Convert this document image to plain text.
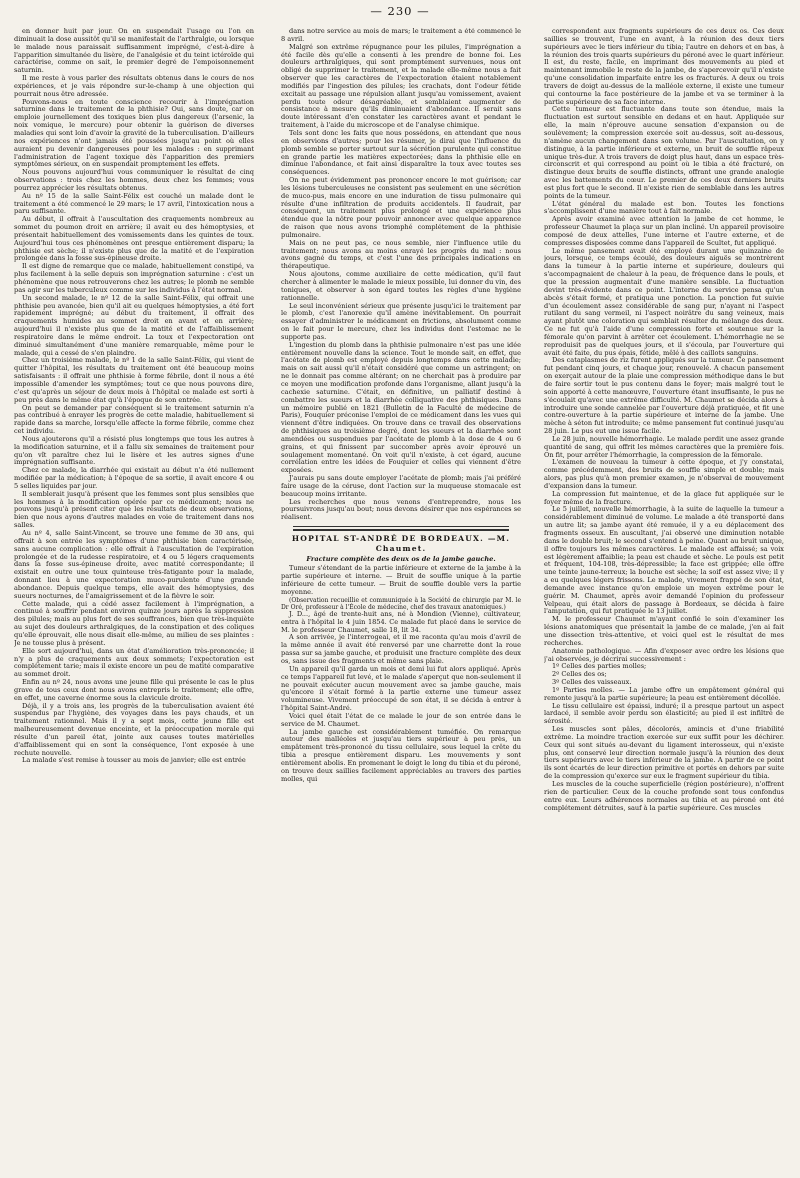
— 230 —

en donner huit par jour. On en suspendait l'usage ou l'on en diminuait la dose aussitôt qu'il se manifestait de l'arthralgie, ou lorsque le malade nous paraissait suffisamment imprégné, c'est-à-dire à l'apparition simultanée du lisère, de l'analgésie et du teint ictéroïde qui caractérise, comme on sait, le premier degré de l'empoisonnement saturnin.

Il me reste à vous parler des résultats obtenus dans le cours de nos expériences, et je vais répondre sur-le-champ à une objection qui pourrait nous être adressée.

Pouvons-nous en toute conscience recourir à l'imprégnation saturnine dans le traitement de la phthisie? Oui, sans doute, car on emploie journellement des toxiques bien plus dangereux (l'arsenic, la noix vomique, le mercure) pour obtenir la guérison de diverses maladies qui sont loin d'avoir la gravité de la tuberculisation. D'ailleurs nos expériences n'ont jamais été poussées jusqu'au point où elles auraient pu devenir dangereuses pour les malades : en supprimant l'administration de l'agent toxique dès l'apparition des premiers symptômes sérieux, on en suspendait promptement les effets.

Nous pouvons aujourd'hui vous communiquer le résultat de cinq observations : trois chez les hommes, deux chez les femmes; vous pourrez apprécier les résultats obtenus.

Au nº 15 de la salle Saint-Félix est couché un malade dont le traitement a été commencé le 29 mars; le 17 avril, l'intoxication nous a paru suffisante.

Au début, il offrait à l'auscultation des craquements nombreux au sommet du poumon droit en arrière; il avait eu des hémoptysies, et présentait habituellement des vomissements dans les quintes de toux. Aujourd'hui tous ces phénomènes ont presque entièrement disparu; la phthisie est sèche; il n'existe plus que de la matité et de l'expiration prolongée dans la fosse sus-épineuse droite.

Il est digne de remarque que ce malade, habituellement constipé, va plus facilement à la selle depuis son imprégnation saturnine : c'est un phénomène que nous retrouverons chez les autres; le plomb ne semble pas agir sur les tubercuIeux comme sur les individus à l'état normal.

Un second malade, le nº 12 de la salle Saint-Félix, qui offrait une phthisie peu avancée, bien qu'il ait eu quelques hémoptysies, a été fort rapidement imprégné; au début du traitement, il offrait des craquements humides au sommet droit en avant et en arrière; aujourd'hui il n'existe plus que de la matité et de l'affaiblissement respiratoire dans le même endroit. La toux et l'expectoration ont diminué simultanément d'une manière remarquable, même pour le malade, qui a cessé de s'en plaindre.

Chez un troisième malade, le nº 1 de la salle Saint-Félix, qui vient de quitter l'hôpital, les résultats du traitement ont été beaucoup moins satisfaisants : il offrait une phthisie à forme fébrile, dont il nous a été impossible d'amender les symptômes; tout ce que nous pouvons dire, c'est qu'après un séjour de deux mois à l'hôpital ce malade est sorti à peu près dans le même état qu'à l'époque de son entrée.

On peut se demander par conséquent si le traitement saturnin n'a pas contribué à enrayer les progrès de cette maladie, habituellement si rapide dans sa marche, lorsqu'elle affecte la forme fébrile, comme chez cet individu.

Nous ajouterons qu'il a résisté plus longtemps que tous les autres à la modification saturnine, et il a fallu six semaines de traitement pour qu'on vît paraître chez lui le lisère et les autres signes d'une imprégnation suffisante.

Chez ce malade, la diarrhée qui existait au début n'a été nullement modifiée par la médication; à l'époque de sa sortie, il avait encore 4 ou 5 selles liquides par jour.

Il semblerait jusqu'à présent que les femmes sont plus sensibles que les hommes à la modification opérée par ce médicament; nous ne pouvons jusqu'à présent citer que les résultats de deux observations, bien que nous ayons d'autres malades en voie de traitement dans nos salles.

Au nº 4, salle Saint-Vincent, se trouve une femme de 30 ans, qui offrait à son entrée les symptômes d'une phthisie bien caractérisée, sans aucune complication : elle offrait à l'auscultation de l'expiration prolongée et de la rudesse respiratoire, et 4 ou 5 légers craquements dans la fosse sus-épineuse droite, avec matité correspondante; il existait en outre une toux quinteuse très-fatigante pour la malade, donnant lieu à une expectoration muco-purulente d'une grande abondance. Depuis quelque temps, elle avait des hémoptysies, des sueurs nocturnes, de l'amaigrissement et de la fièvre le soir.

Cette malade, qui a cédé assez facilement à l'imprégnation, a continué à souffrir pendant environ quinze jours après la suppression des pilules; mais au plus fort de ses souffrances, bien que très-inquiète au sujet des douleurs arthralgiques, de la constipation et des coliques qu'elle éprouvait, elle nous disait elle-même, au milieu de ses plaintes : Je ne tousse plus à présent.

Elle sort aujourd'hui, dans un état d'amélioration très-prononcée; il n'y a plus de craquements aux deux sommets; l'expectoration est complétement tarie; mais il existe encore un peu de matité comparative au sommet droit.

Enfin au nº 24, nous avons une jeune fille qui présente le cas le plus grave de tous ceux dont nous avons entrepris le traitement; elle offre, en effet, une caverne énorme sous la clavicule droite.

Déjà, il y a trois ans, les progrès de la tuberculisation avaient été suspendus par l'hygiène, des voyages dans les pays chauds, et un traitement rationnel. Mais il y a sept mois, cette jeune fille est malheureusement devenue enceinte, et la préoccupation morale qui résulte d'un pareil état, jointe aux causes toutes matérielles d'affaiblissement qui en sont la conséquence, l'ont exposée à une rechute nouvelle.

La malade s'est remise à tousser au mois de janvier; elle est entrée

dans notre service au mois de mars; le traitement a été commencé le 8 avril.

Malgré son extrême répugnance pour les pilules, l'imprégnation a été facile dès qu'elle a consenti à les prendre de bonne foi. Les douleurs arthralgiques, qui sont promptement survenues, nous ont obligé de supprimer le traitement, et la malade elle-même nous a fait observer que les caractères de l'expectoration étaient notablement modifiés par l'ingestion des pilules; les crachats, dont l'odeur fétide excitait au passage une répulsion allant jusqu'au vomissement, avaient perdu toute odeur désagréable, et semblaient augmenter de consistance à mesure qu'ils diminuaient d'abondance. Il serait sans doute intéressant d'en constater les caractères avant et pendant le traitement, à l'aide du microscope et de l'analyse chimique.

Tels sont donc les faits que nous possédons, en attendant que nous en observions d'autres; pour les résumer, je dirai que l'influence du plomb semble se porter surtout sur la sécrétion purulente qui constitue en grande partie les matières expectorées; dans la phthisie elle en diminue l'abondance, et fait ainsi disparaître la toux avec toutes ses conséquences.

On ne peut évidemment pas prononcer encore le mot guérison; car les lésions tuberculeuses ne consistent pas seulement en une sécrétion de muco-pus, mais encore en une induration de tissu pulmonaire qui résulte d'une infiltration de produits accidentels. Il faudrait, par conséquent, un traitement plus prolongé et une expérience plus étendue que la nôtre pour pouvoir annoncer avec quelque apparence de raison que nous avons triomphé complétement de la phthisie pulmonaire.

Mais on ne peut pas, ce nous semble, nier l'influence utile du traitement; nous avons au moins enrayé les progrès du mal : nous avons gagné du temps, et c'est l'une des principales indications en thérapeutique.

Nous ajoutons, comme auxiliaire de cette médication, qu'il faut chercher à alimenter le malade le mieux possible, lui donner du vin, des toniques, et observer à son égard toutes les règles d'une hygiène rationnelle.

Le seul inconvénient sérieux que présente jusqu'ici le traitement par le plomb, c'est l'anorexie qu'il amène inévitablement. On pourrait essayer d'administrer le médicament en frictions, absolument comme on le fait pour le mercure, chez les individus dont l'estomac ne le supporte pas.

L'ingestion du plomb dans la phthisie pulmonaire n'est pas une idée entièrement nouvelle dans la science. Tout le monde sait, en effet, que l'acétate de plomb est employé depuis longtemps dans cette maladie; mais on sait aussi qu'il n'était considéré que comme un astringent; on ne le donnait pas comme altérant; on ne cherchait pas à produire par ce moyen une modification profonde dans l'organisme, allant jusqu'à la cachexie saturnine. C'était, en définitive, un palliatif destiné à combattre les sueurs et la diarrhée colliquative des phthisiques. Dans un mémoire publié en 1821 (Bulletin de la Faculté de médecine de Paris), Fouquier préconise l'emploi de ce médicament dans les vues qui viennent d'être indiquées. On trouve dans ce travail des observations de phthisiques au troisième degré, dont les sueurs et la diarrhée sont amendées ou suspendues par l'acétate de plomb à la dose de 4 ou 6 grains, et qui finissent par succomber après avoir éprouvé un soulagement momentané. On voit qu'il n'existe, à cet égard, aucune corrélation entre les idées de Fouquier et celles qui viennent d'être exposées.

J'aurais pu sans doute employer l'acétate de plomb; mais j'ai préféré faire usage de la céruse, dont l'action sur la muqueuse stomacale est beaucoup moins irritante.

Les recherches que nous venons d'entreprendre, nous les poursuivrons jusqu'au bout; nous devons désirer que nos espérances se réalisent.

HOPITAL ST-ANDRÉ DE BORDEAUX. —M. Chaumet.
Fracture complète des deux os de la jambe gauche.

Tumeur s'étendant de la partie inférieure et externe de la jambe à la partie supérieure et interne. — Bruit de souffle unique à la partie inférieure de cette tumeur. — Bruit de souffle double vers la partie moyenne.

(Observation recueillie et communiquée à la Société de chirurgie par M. le Dr Oré, professeur à l'École de médecine, chef des travaux anatomiques.)

J. D..., âgé de trente-huit ans, né à Mondion (Vienne), cultivateur, entra à l'hôpital le 4 juin 1854. Ce malade fut placé dans le service de M. le professeur Chaumet, salle 18, lit 34.

A son arrivée, je l'interrogeai, et il me raconta qu'au mois d'avril de la même année il avait été renversé par une charrette dont la roue passa sur sa jambe gauche, et produisit une fracture complète des deux os, sans issue des fragments et même sans plaie.

Un appareil qu'il garda un mois et demi lui fut alors appliqué. Après ce temps l'appareil fut levé, et le malade s'aperçut que non-seulement il ne pouvait exécuter aucun mouvement avec sa jambe gauche, mais qu'encore il s'était formé à la partie externe une tumeur assez volumineuse. Vivement préoccupé de son état, il se décida à entrer à l'hôpital Saint-André.

Voici quel était l'état de ce malade le jour de son entrée dans le service de M. Chaumet.

La jambe gauche est considérablement tuméfiée. On remarque autour des malléoles et jusqu'au tiers supérieur à peu près, un empâtement très-prononcé du tissu cellulaire, sous lequel la crête du tibia a presque entièrement disparu. Les mouvements y sont entièrement abolis. En promenant le doigt le long du tibia et du péroné, on trouve deux saillies facilement appréciables au travers des parties molles, qui

correspondent aux fragments supérieurs de ces deux os. Ces deux saillies se trouvent, l'une en avant, à la réunion des deux tiers supérieurs avec le tiers inférieur du tibia; l'autre en dehors et en bas, à la réunion des trois quarts supérieurs du péroné avec le quart inférieur. Il est, du reste, facile, en imprimant des mouvements au pied et maintenant immobile le reste de la jambe, de s'apercevoir qu'il n'existe qu'une consolidation imparfaite entre les os fracturés. A deux ou trois travers de doigt au-dessus de la malléole externe, il existe une tumeur qui contourne la face postérieure de la jambe et va se terminer à la partie supérieure de sa face interne.

Cette tumeur est fluctuante dans toute son étendue, mais la fluctuation est surtout sensible en dedans et en haut. Appliquée sur elle, la main n'éprouve aucune sensation d'expansion ou de soulèvement; la compression exercée soit au-dessus, soit au-dessous, n'amène aucun changement dans son volume. Par l'auscultation, on y distingue, à la partie inférieure et externe, un bruit de souffle râpeux unique très-dur. A trois travers de doigt plus haut, dans un espace très-circonscrit et qui correspond au point où le tibia a été fracturé, on distingue deux bruits de souffle distincts, offrant une grande analogie avec les battements du cœur. Le premier de ces deux derniers bruits est plus fort que le second. Il n'existe rien de semblable dans les autres points de la tumeur.

L'état général du malade est bon. Toutes les fonctions s'accomplissent d'une manière tout à fait normale.

Après avoir examiné avec attention la jambe de cet homme, le professeur Chaumet la plaça sur un plan incliné. Un appareil provisoire composé de deux attelles, l'une interne et l'autre externe, et de compresses disposées comme dans l'appareil de Scultet, fut appliqué.

Le même pansement avait été employé durant une quinzaine de jours, lorsque, ce temps écoulé, des douleurs aiguës se montrèrent dans la tumeur à la partie interne et supérieure, douleurs qui s'accompagnaient de chaleur à la peau, de fréquence dans le pouls, et que la pression augmentait d'une manière sensible. La fluctuation devint très-évidente dans ce point. L'interne du service pensa qu'un abcès s'était formé, et pratiqua une ponction. La ponction fut suivie d'un écoulement assez considérable de sang pur, n'ayant ni l'aspect rutilant du sang vermeil, ni l'aspect noirâtre du sang veineux, mais ayant plutôt une coloration qui semblait résulter du mélange des deux. Ce ne fut qu'à l'aide d'une compression forte et soutenue sur la fémorale qu'on parvint à arrêter cet écoulement. L'hémorrhagie ne se reproduisit pas de quelques jours, et il s'écoula, par l'ouverture qui avait été faite, du pus épais, fétide, mêlé à des caillots sanguins.

Des cataplasmes de riz furent appliqués sur la tumeur. Ce pansement fut pendant cinq jours, et chaque jour, renouvelé. A chacun pansement on exerçait autour de la plaie une compression méthodique dans le but de faire sortir tout le pus contenu dans le foyer; mais malgré tout le soin apporté à cette manœuvre, l'ouverture étant insuffisante, le pus ne s'écoulait qu'avec une extrême difficulté. M. Chaumet se décida alors à introduire une sonde cannelée par l'ouverture déjà pratiquée, et fit une contre-ouverture à la partie supérieure et interne de la jambe. Une mèche à séton fut introduite; ce même pansement fut continué jusqu'au 28 juin. Le pus eut une issue facile.

Le 28 juin, nouvelle hémorrhagie. Le malade perdit une assez grande quantité de sang, qui offrit les mêmes caractères que la première fois. On fit, pour arrêter l'hémorrhagie, la compression de la fémorale.

L'examen de nouveau la tumeur à cette époque, et j'y constatai, comme précédemment, des bruits de souffle simple et double; mais alors, pas plus qu'à mon premier examen, je n'observai de mouvement d'expansion dans la tumeur.

La compression fut maintenue, et de la glace fut appliquée sur le foyer même de la fracture.

Le 5 juillet, nouvelle hémorrhagie, à la suite de laquelle la tumeur a considérablement diminué de volume. Le malade a été transporté dans un autre lit; sa jambe ayant été remuée, il y a eu déplacement des fragments osseux. En auscultant, j'ai observé une diminution notable dans le double bruit; le second s'entend à peine. Quant au bruit unique, il offre toujours les mêmes caractères. Le malade est affaissé; sa voix est légèrement affaiblie; la peau est chaude et sèche. Le pouls est petit et fréquent, 104-108, très-dépressible; la face est grippée; elle offre une teinte jaune-terreux; la bouche est sèche; la soif est assez vive; il y a eu quelques légers frissons. Le malade, vivement frappé de son état, demande avec instance qu'on emploie un moyen extrême pour le guérir. M. Chaumet, après avoir demandé l'opinion du professeur Velpeau, qui était alors de passage à Bordeaux, se décida à faire l'amputation, qui fut pratiquée le 13 juillet.

M. le professeur Chaumet m'ayant confié le soin d'examiner les lésions anatomiques que présentait la jambe de ce malade, j'en ai fait une dissection très-attentive, et voici quel est le résultat de mes recherches.

Anatomie pathologique. — Afin d'exposer avec ordre les lésions que j'ai observées, je décrirai successivement :

1º Celles des parties molles;

2º Celles des os;

3º Celles des vaisseaux.

1º Parties molles. — La jambe offre un empâtement général qui remonte jusqu'à la partie supérieure; la peau est entièrement décollée.

Le tissu cellulaire est épaissi, induré; il a presque partout un aspect lardacé, il semble avoir perdu son élasticité; au pied il est infiltré de sérosité.

Les muscles sont pâles, décolorés, amincis et d'une friabilité extrême. La moindre traction exercée sur eux suffit pour les déchirer. Ceux qui sont situés au-devant du ligament interosseux, qui n'existe plus, ont conservé leur direction normale jusqu'à la réunion des deux tiers supérieurs avec le tiers inférieur de la jambe. A partir de ce point ils sont écartés de leur direction primitive et portés en dehors par suite de la compression qu'exerce sur eux le fragment supérieur du tibia.

Les muscles de la couche superficielle (région postérieure), n'offrent rien de particulier. Ceux de la couche profonde sont tous confondus entre eux. Leurs adhérences normales au tibia et au péroné ont été complétement détruites, sauf à la partie supérieure. Ces muscles
